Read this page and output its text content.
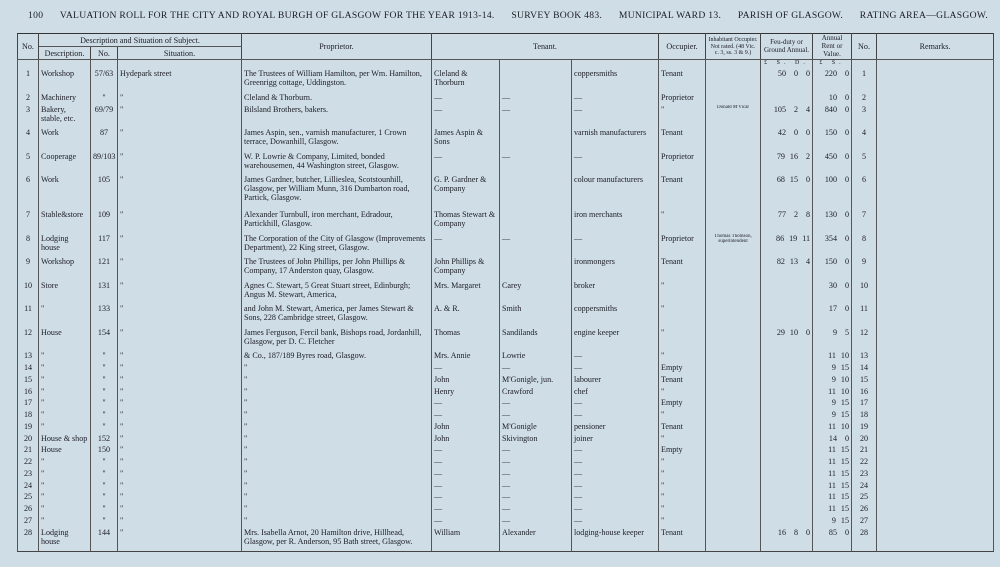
100 VALUATION ROLL FOR THE CITY AND ROYAL BURGH OF GLASGOW FOR THE YEAR 1913-14. SURVEY BOOK 483. MUNICIPAL WARD 13. PARISH OF GLASGOW. RATING AREA—GLASGOW.
No.	Description and Situation of Subject.			Proprietor.	Tenant.			Occupier.	Inhabitant Occupier. Not rated. (48 Vic. c. 3, ss. 3 & 9.)	Feu-duty or Ground Annual.	Annual Rent or Value.	No.	Remarks.
	Description.	No.	Situation.										
										£ S. D.	£ S.		
1	Workshop	57/63	Hydepark street	The Trustees of William Hamilton, per Wm. Hamilton, Greenrigg cottage, Uddingston.	Cleland & Thorburn		coppersmiths	Tenant		50 0 0	220 0	1	
2	Machinery	"	"	Cleland & Thorburn.	—	—	—	Proprietor			10 0	2	
3	Bakery, stable, etc.	69/79	"	Bilsland Brothers, bakers.	—	—	—	"	Donald M'Vicar	105 2 4	840 0	3	
4	Work	87	"	James Aspin, sen., varnish manufacturer, 1 Crown terrace, Dowanhill, Glasgow.	James Aspin & Sons		varnish manufacturers	Tenant		42 0 0	150 0	4	
5	Cooperage	89/103	"	W. P. Lowrie & Company, Limited, bonded warehousemen, 44 Washington street, Glasgow.	—	—	—	Proprietor		79 16 2	450 0	5	
6	Work	105	"	James Gardner, butcher, Lillieslea, Scotstounhill, Glasgow, per William Munn, 316 Dumbarton road, Partick, Glasgow.	G. P. Gardner & Company		colour manufacturers	Tenant		68 15 0	100 0	6	
7	Stable&store	109	"	Alexander Turnbull, iron merchant, Edradour, Partickhill, Glasgow.	Thomas Stewart & Company		iron merchants	"		77 2 8	130 0	7	
8	Lodging house	117	"	The Corporation of the City of Glasgow (Improvements Department), 22 King street, Glasgow.	—	—	—	Proprietor	Thomas Thomson, superintendent	86 19 11	354 0	8	
9	Workshop	121	"	The Trustees of John Phillips, per John Phillips & Company, 17 Anderston quay, Glasgow.	John Phillips & Company		ironmongers	Tenant		82 13 4	150 0	9	
10	Store	131	"	Agnes C. Stewart, 5 Great Stuart street, Edinburgh; Angus M. Stewart, America,	Mrs. Margaret	Carey	broker	"			30 0	10	
11	"	133	"	and John M. Stewart, America, per James Stewart & Sons, 228 Cambridge street, Glasgow.	A. & R.	Smith	coppersmiths	"			17 0	11	
12	House	154	"	James Ferguson, Fercil bank, Bishops road, Jordanhill, Glasgow, per D. C. Fletcher	Thomas	Sandilands	engine keeper	"		29 10 0	9 5	12	
13	"	"	"	& Co., 187/189 Byres road, Glasgow.	Mrs. Annie	Lowrie	—	"			11 10	13	
14	"	"	"	"	—	—	—	Empty			9 15	14	
15	"	"	"	"	John	M'Gonigle, jun.	labourer	Tenant			9 10	15	
16	"	"	"	"	Henry	Crawford	chef	"			11 10	16	
17	"	"	"	"	—	—	—	Empty			9 15	17	
18	"	"	"	"	—	—	—	"			9 15	18	
19	"	"	"	"	John	M'Gonigle	pensioner	Tenant			11 10	19	
20	House & shop	152	"	"	John	Skivington	joiner	"			14 0	20	
21	House	150	"	"	—	—	—	Empty			11 15	21	
22	"	"	"	"	—	—	—	"			11 15	22	
23	"	"	"	"	—	—	—	"			11 15	23	
24	"	"	"	"	—	—	—	"			11 15	24	
25	"	"	"	"	—	—	—	"			11 15	25	
26	"	"	"	"	—	—	—	"			11 15	26	
27	"	"	"	"	—	—	—	"			9 15	27	
28	Lodging house	144	"	Mrs. Isabella Arnot, 20 Hamilton drive, Hillhead, Glasgow, per R. Anderson, 95 Bath street, Glasgow.	William	Alexander	lodging-house keeper	Tenant		16 8 0	85 0	28	
